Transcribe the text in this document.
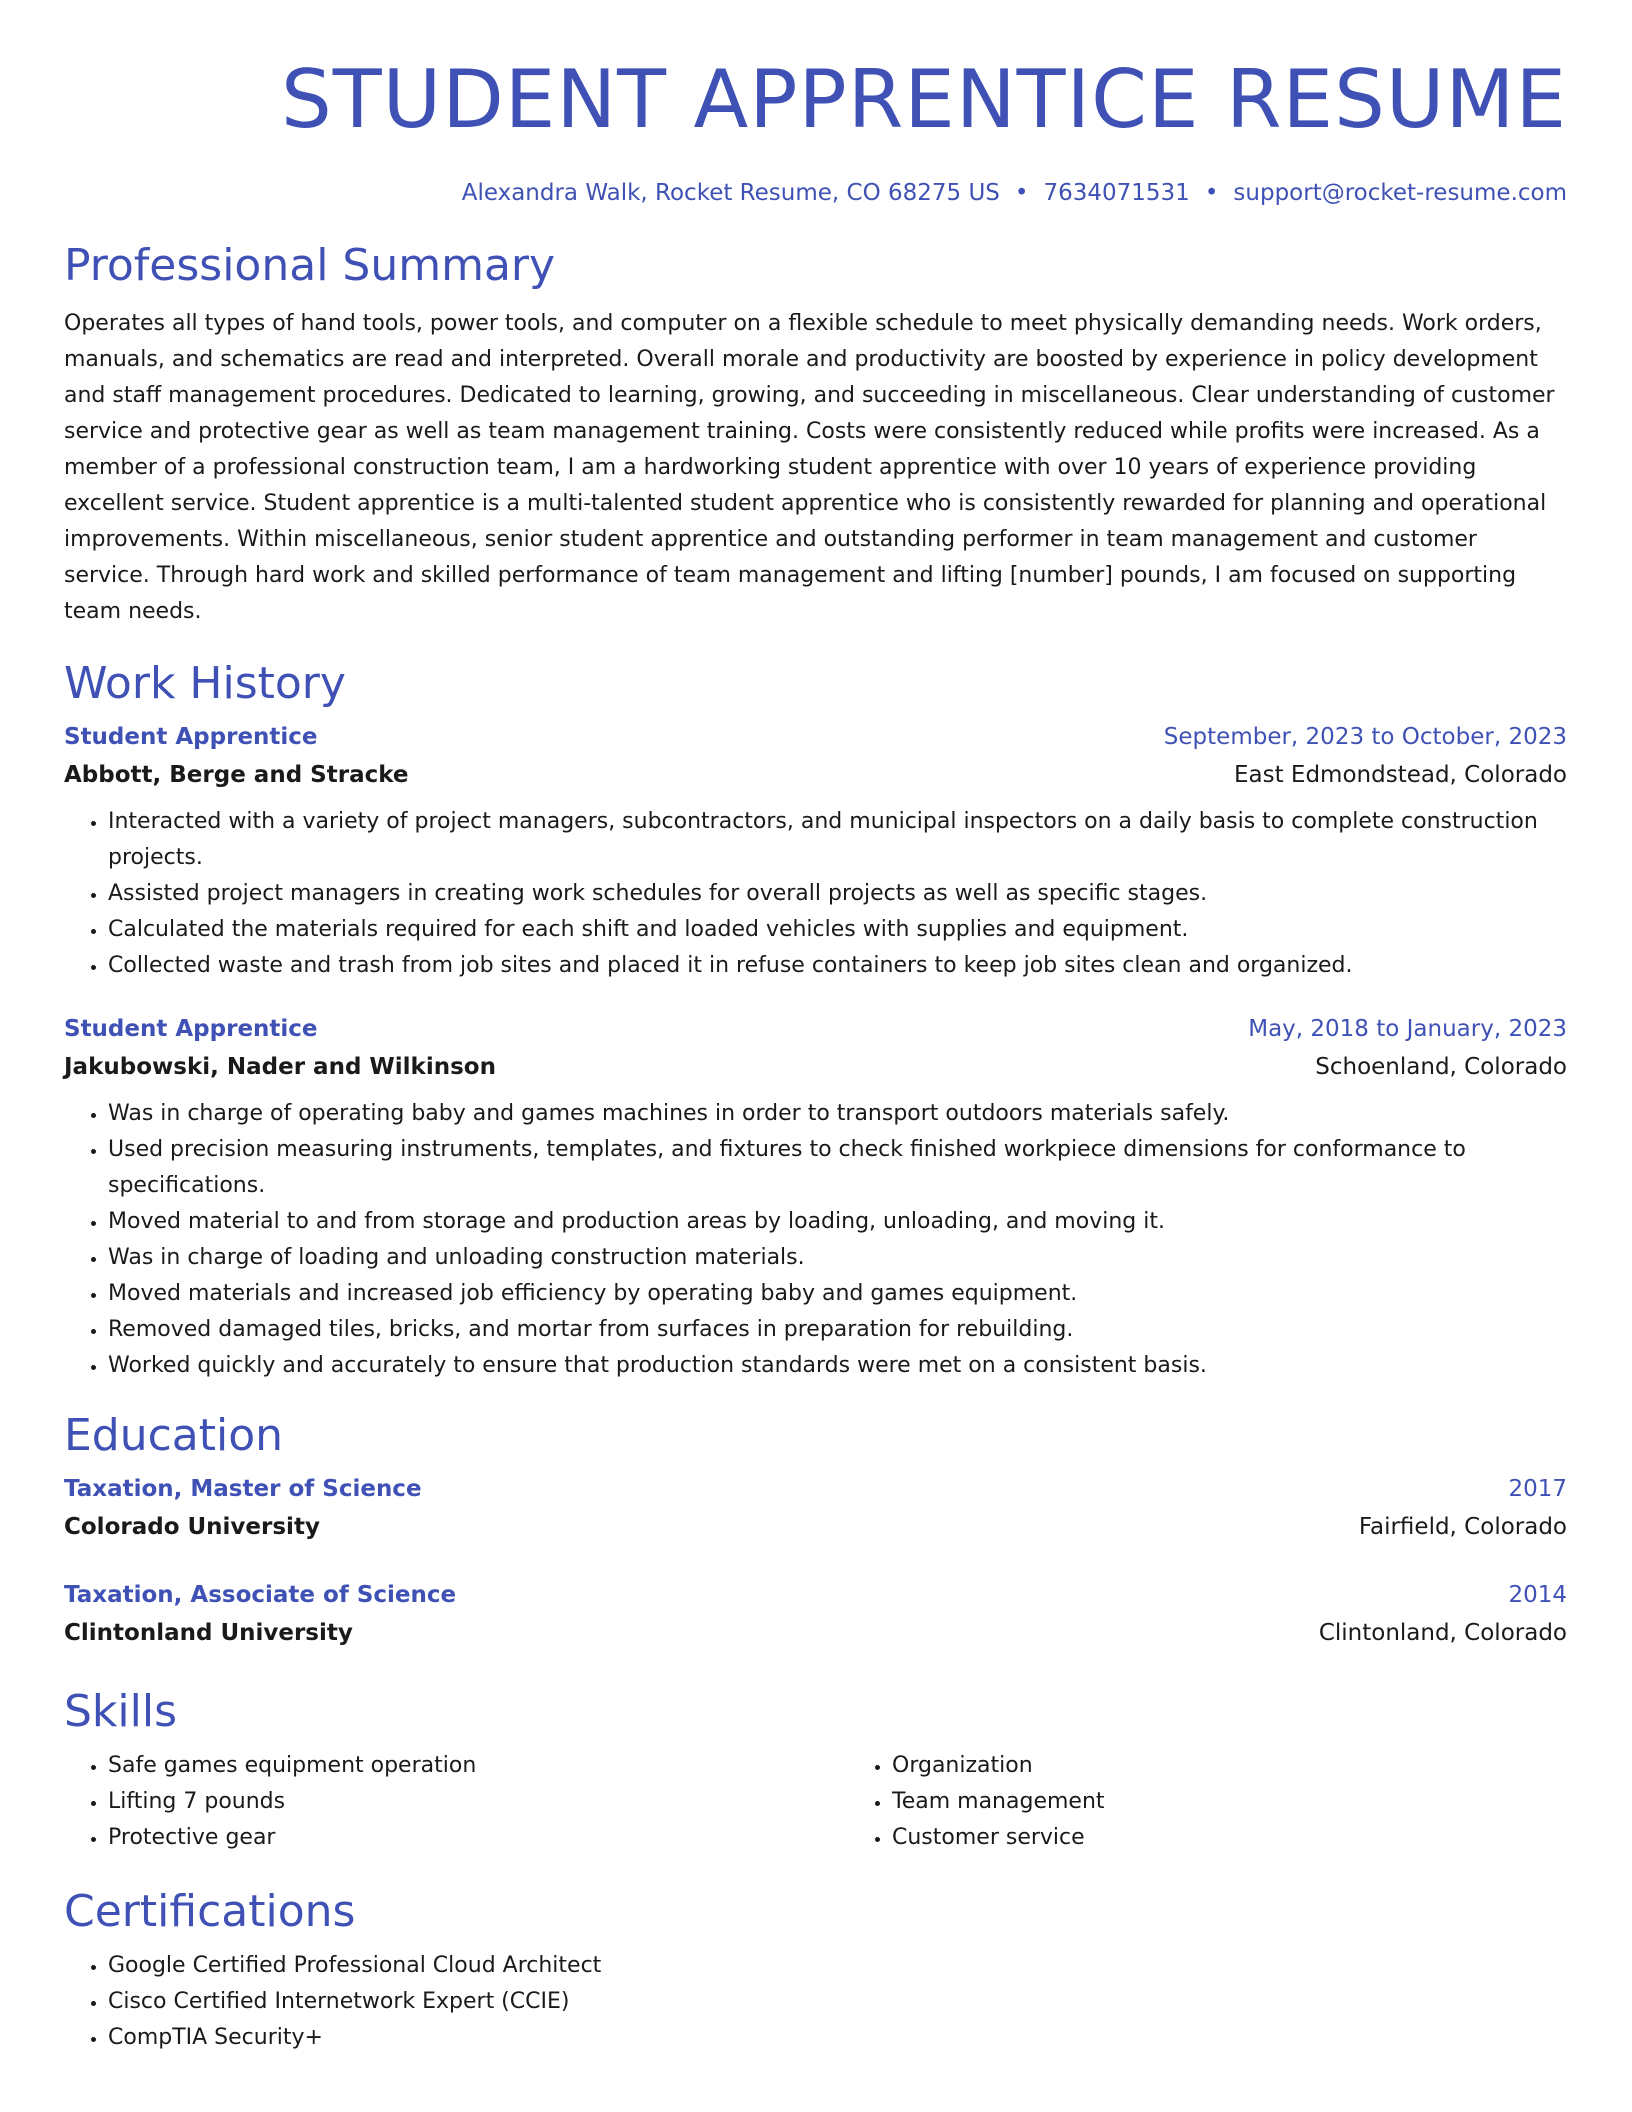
STUDENT APPRENTICE RESUME
Alexandra Walk, Rocket Resume, CO 68275 US • 7634071531 • support@rocket-resume.com
Professional Summary
Operates all types of hand tools, power tools, and computer on a flexible schedule to meet physically demanding needs. Work orders, manuals, and schematics are read and interpreted. Overall morale and productivity are boosted by experience in policy development and staff management procedures. Dedicated to learning, growing, and succeeding in miscellaneous. Clear understanding of customer service and protective gear as well as team management training. Costs were consistently reduced while profits were increased. As a member of a professional construction team, I am a hardworking student apprentice with over 10 years of experience providing excellent service. Student apprentice is a multi-talented student apprentice who is consistently rewarded for planning and operational improvements. Within miscellaneous, senior student apprentice and outstanding performer in team management and customer service. Through hard work and skilled performance of team management and lifting [number] pounds, I am focused on supporting team needs.
Work History
Student Apprentice	September, 2023 to October, 2023
Abbott, Berge and Stracke	East Edmondstead, Colorado
• Interacted with a variety of project managers, subcontractors, and municipal inspectors on a daily basis to complete construction projects.
• Assisted project managers in creating work schedules for overall projects as well as specific stages.
• Calculated the materials required for each shift and loaded vehicles with supplies and equipment.
• Collected waste and trash from job sites and placed it in refuse containers to keep job sites clean and organized.
Student Apprentice	May, 2018 to January, 2023
Jakubowski, Nader and Wilkinson	Schoenland, Colorado
• Was in charge of operating baby and games machines in order to transport outdoors materials safely.
• Used precision measuring instruments, templates, and fixtures to check finished workpiece dimensions for conformance to specifications.
• Moved material to and from storage and production areas by loading, unloading, and moving it.
• Was in charge of loading and unloading construction materials.
• Moved materials and increased job efficiency by operating baby and games equipment.
• Removed damaged tiles, bricks, and mortar from surfaces in preparation for rebuilding.
• Worked quickly and accurately to ensure that production standards were met on a consistent basis.
Education
Taxation, Master of Science	2017
Colorado University	Fairfield, Colorado
Taxation, Associate of Science	2014
Clintonland University	Clintonland, Colorado
Skills
• Safe games equipment operation
• Lifting 7 pounds
• Protective gear
• Organization
• Team management
• Customer service
Certifications
• Google Certified Professional Cloud Architect
• Cisco Certified Internetwork Expert (CCIE)
• CompTIA Security+
